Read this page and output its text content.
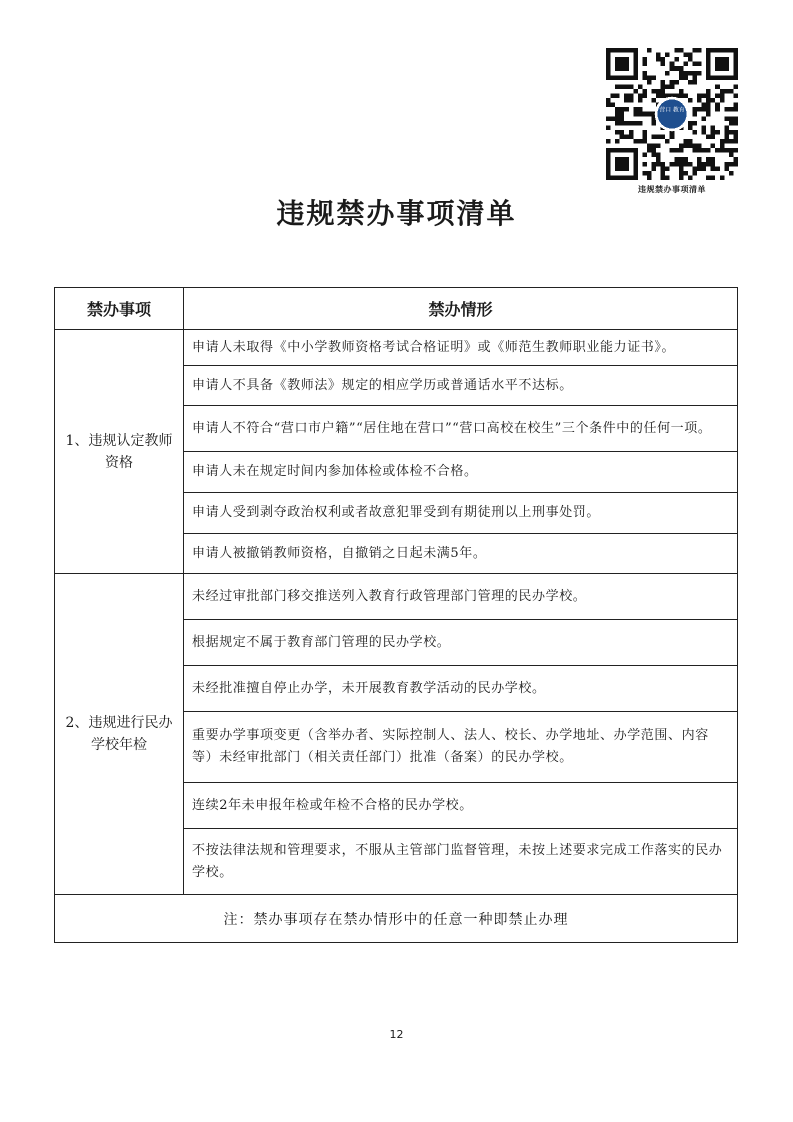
营口 教育
违规禁办事项清单
违规禁办事项清单
禁办事项	禁办情形
1、违规认定教师资格	申请人未取得《中小学教师资格考试合格证明》或《师范生教师职业能力证书》。
	申请人不具备《教师法》规定的相应学历或普通话水平不达标。
	申请人不符合“营口市户籍”“居住地在营口”“营口高校在校生”三个条件中的任何一项。
	申请人未在规定时间内参加体检或体检不合格。
	申请人受到剥夺政治权利或者故意犯罪受到有期徒刑以上刑事处罚。
	申请人被撤销教师资格，自撤销之日起未满5年。
2、违规进行民办学校年检	未经过审批部门移交推送列入教育行政管理部门管理的民办学校。
	根据规定不属于教育部门管理的民办学校。
	未经批准擅自停止办学，未开展教育教学活动的民办学校。
	重要办学事项变更（含举办者、实际控制人、法人、校长、办学地址、办学范围、内容等）未经审批部门（相关责任部门）批准（备案）的民办学校。
	连续2年未申报年检或年检不合格的民办学校。
	不按法律法规和管理要求，不服从主管部门监督管理，未按上述要求完成工作落实的民办学校。
注：禁办事项存在禁办情形中的任意一种即禁止办理	
12
